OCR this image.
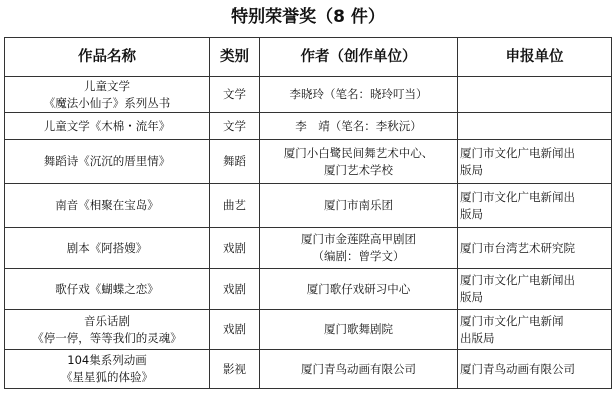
特别荣誉奖（8 件）
作品名称	类别	作者（创作单位）	申报单位

儿童文学
《魔法小仙子》系列丛书	文学	李晓玲（笔名：晓玲叮当）	

儿童文学《木棉・流年》	文学	李　靖（笔名：李秋沅）	

舞蹈诗《沉沉的厝里情》	舞蹈	厦门小白鹭民间舞艺术中心、
厦门艺术学校	厦门市文化广电新闻出
版局

南音《相聚在宝岛》	曲艺	厦门市南乐团	厦门市文化广电新闻出
版局

剧本《阿搭嫂》	戏剧	厦门市金莲陞高甲剧团
（编剧：曾学文）	厦门市台湾艺术研究院

歌仔戏《蝴蝶之恋》	戏剧	厦门歌仔戏研习中心	厦门市文化广电新闻出
版局

音乐话剧
《停一停，等等我们的灵魂》	戏剧	厦门歌舞剧院	厦门市文化广电新闻
出版局

104集系列动画
《星星狐的体验》	影视	厦门青鸟动画有限公司	厦门青鸟动画有限公司
